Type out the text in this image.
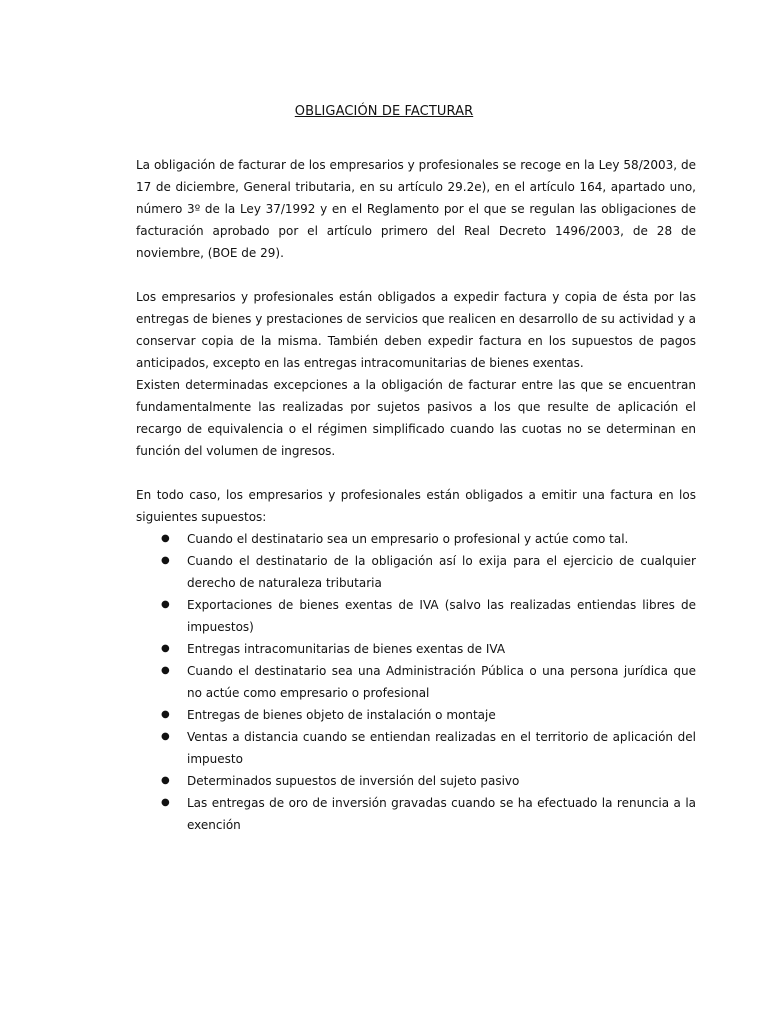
OBLIGACIÓN DE FACTURAR

La obligación de facturar de los empresarios y profesionales se recoge en la Ley 58/2003, de 17 de diciembre, General tributaria, en su artículo 29.2e), en el artículo 164, apartado uno, número 3º de la Ley 37/1992 y en el Reglamento por el que se regulan las obligaciones de facturación aprobado por el artículo primero del Real Decreto 1496/2003, de 28 de noviembre, (BOE de 29).

Los empresarios y profesionales están obligados a expedir factura y copia de ésta por las entregas de bienes y prestaciones de servicios que realicen en desarrollo de su actividad y a conservar copia de la misma. También deben expedir factura en los supuestos de pagos anticipados, excepto en las entregas intracomunitarias de bienes exentas.

Existen determinadas excepciones a la obligación de facturar entre las que se encuentran fundamentalmente las realizadas por sujetos pasivos a los que resulte de aplicación el recargo de equivalencia o el régimen simplificado cuando las cuotas no se determinan en función del volumen de ingresos.

En todo caso, los empresarios y profesionales están obligados a emitir una factura en los siguientes supuestos:

● Cuando el destinatario sea un empresario o profesional y actúe como tal.
● Cuando el destinatario de la obligación así lo exija para el ejercicio de cualquier derecho de naturaleza tributaria
● Exportaciones de bienes exentas de IVA (salvo las realizadas entiendas libres de impuestos)
● Entregas intracomunitarias de bienes exentas de IVA
● Cuando el destinatario sea una Administración Pública o una persona jurídica que no actúe como empresario o profesional
● Entregas de bienes objeto de instalación o montaje
● Ventas a distancia cuando se entiendan realizadas en el territorio de aplicación del impuesto
● Determinados supuestos de inversión del sujeto pasivo
● Las entregas de oro de inversión gravadas cuando se ha efectuado la renuncia a la exención
